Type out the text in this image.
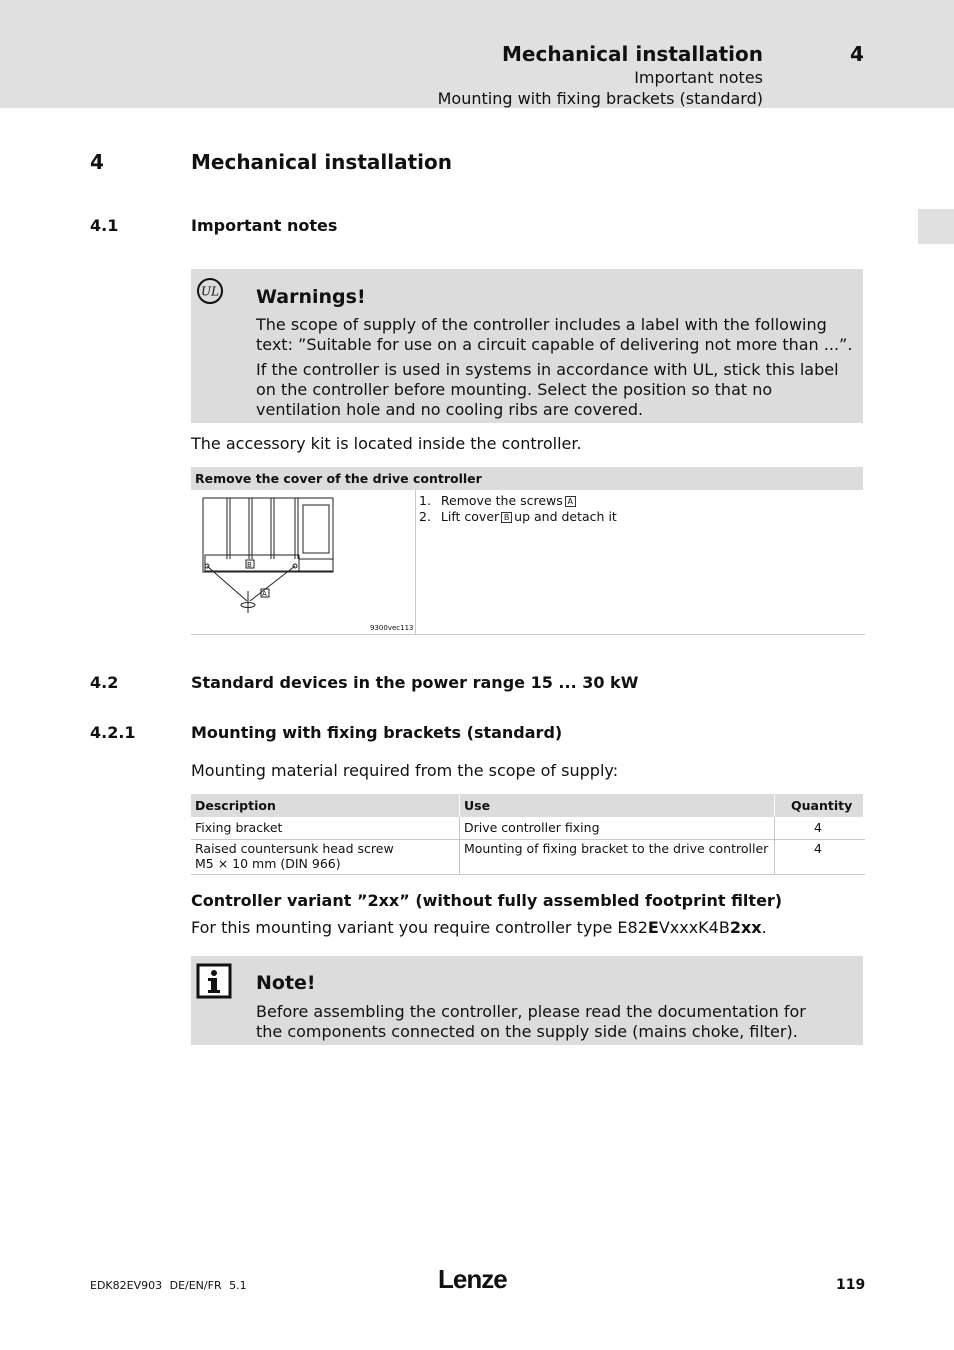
Mechanical installation	4
Important notes
Mounting with fixing brackets (standard)
4	Mechanical installation
4.1	Important notes
UL Warnings!
The scope of supply of the controller includes a label with the following text: ”Suitable for use on a circuit capable of delivering not more than ...”.
If the controller is used in systems in accordance with UL, stick this label on the controller before mounting. Select the position so that no ventilation hole and no cooling ribs are covered.
The accessory kit is located inside the controller.
Remove the cover of the drive controller
B
A
9300vec113
1. Remove the screws A
2. Lift cover B up and detach it
4.2	Standard devices in the power range 15 ... 30 kW
4.2.1	Mounting with fixing brackets (standard)
Mounting material required from the scope of supply:
Description	Use	Quantity
Fixing bracket	Drive controller fixing	4
Raised countersunk head screw
M5 × 10 mm (DIN 966)
Mounting of fixing bracket to the drive controller	4
Controller variant ”2xx” (without fully assembled footprint filter)
For this mounting variant you require controller type E82EVxxxK4B2xx.
Note!
Before assembling the controller, please read the documentation for the components connected on the supply side (mains choke, filter).
EDK82EV903 DE/EN/FR 5.1	Lenze	119
